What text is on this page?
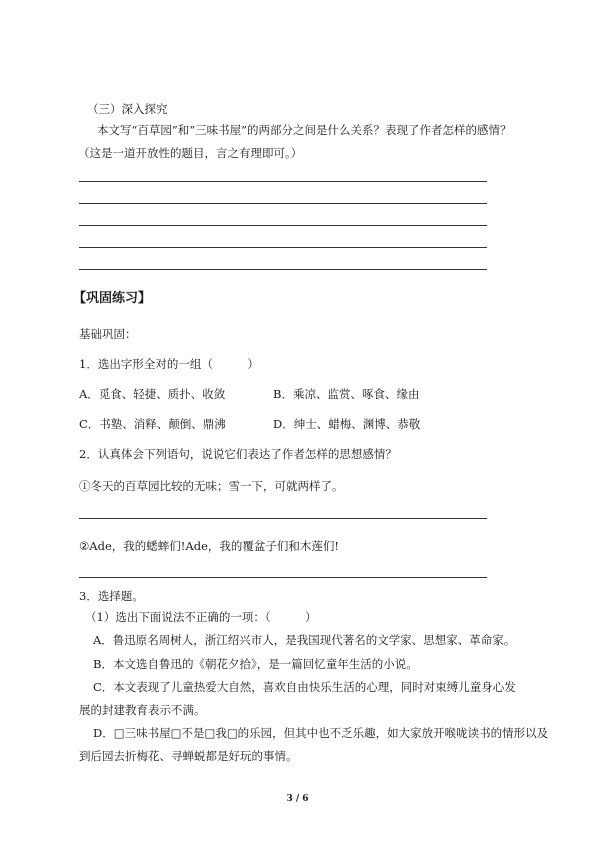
（三）深入探究
本文写“百草园”和“三味书屋”的两部分之间是什么关系？表现了作者怎样的感情？
（这是一道开放性的题目，言之有理即可。）
【巩固练习】
基础巩固：
1．选出字形全对的一组（　　　）
A．觅食、轻捷、质扑、收敛	B．乘凉、监赏、啄食、缘由
C．书塾、消释、颠倒、鼎沸	D．绅士、蜡梅、渊博、恭敬
2．认真体会下列语句，说说它们表达了作者怎样的思想感情？
①冬天的百草园比较的无味；雪一下，可就两样了。
②Ade，我的蟋蟀们!Ade，我的覆盆子们和木莲们!
3．选择题。
（1）选出下面说法不正确的一项：（　　　）
A．鲁迅原名周树人，浙江绍兴市人，是我国现代著名的文学家、思想家、革命家。
B．本文选自鲁迅的《朝花夕拾》，是一篇回忆童年生活的小说。
C．本文表现了儿童热爱大自然，喜欢自由快乐生活的心理，同时对束缚儿童身心发
展的封建教育表示不满。
D．□三味书屋□不是□我□的乐园，但其中也不乏乐趣，如大家放开喉咙读书的情形以及
到后园去折梅花、寻蝉蜕都是好玩的事情。
3 / 6
